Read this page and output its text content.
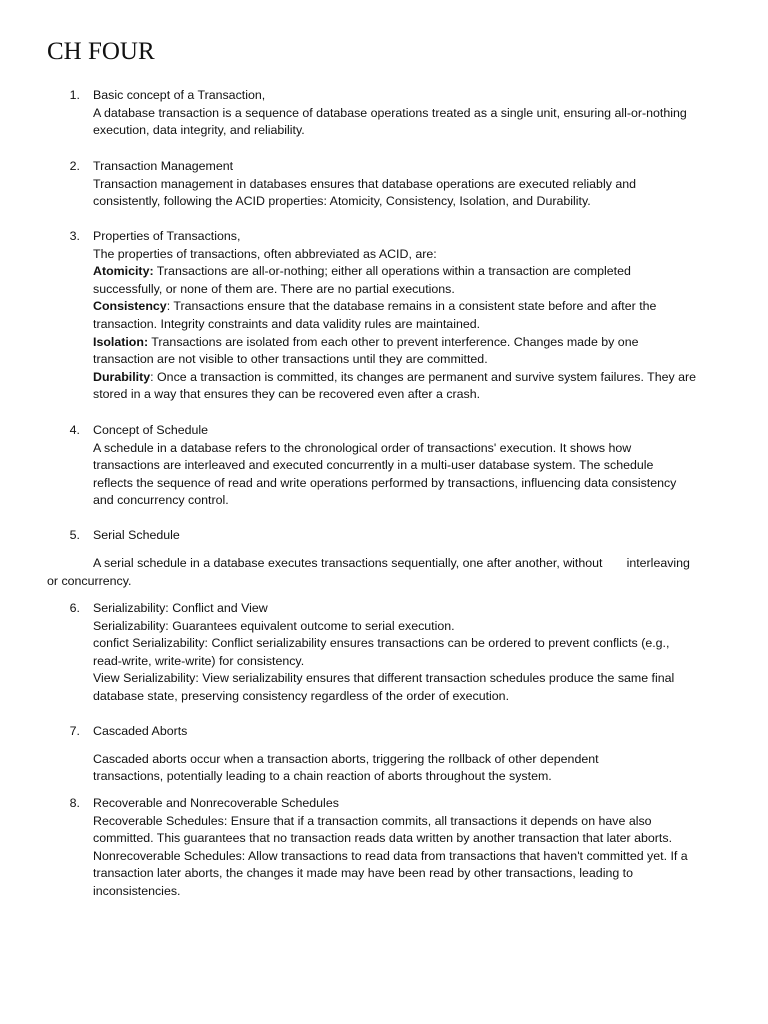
CH FOUR
1. Basic concept of a Transaction,
A database transaction is a sequence of database operations treated as a single unit, ensuring all-or-nothing
execution, data integrity, and reliability.
2. Transaction Management
Transaction management in databases ensures that database operations are executed reliably and
consistently, following the ACID properties: Atomicity, Consistency, Isolation, and Durability.
3. Properties of Transactions,
The properties of transactions, often abbreviated as ACID, are:
Atomicity: Transactions are all-or-nothing; either all operations within a transaction are completed
successfully, or none of them are. There are no partial executions.
Consistency: Transactions ensure that the database remains in a consistent state before and after the
transaction. Integrity constraints and data validity rules are maintained.
Isolation: Transactions are isolated from each other to prevent interference. Changes made by one
transaction are not visible to other transactions until they are committed.
Durability: Once a transaction is committed, its changes are permanent and survive system failures. They are
stored in a way that ensures they can be recovered even after a crash.
4. Concept of Schedule
A schedule in a database refers to the chronological order of transactions' execution. It shows how
transactions are interleaved and executed concurrently in a multi-user database system. The schedule
reflects the sequence of read and write operations performed by transactions, influencing data consistency
and concurrency control.
5. Serial Schedule
A serial schedule in a database executes transactions sequentially, one after another, without       interleaving
or concurrency.
6. Serializability: Conflict and View
Serializability: Guarantees equivalent outcome to serial execution.
confict Serializability: Conflict serializability ensures transactions can be ordered to prevent conflicts (e.g.,
read-write, write-write) for consistency.
View Serializability: View serializability ensures that different transaction schedules produce the same final
database state, preserving consistency regardless of the order of execution.
7. Cascaded Aborts
Cascaded aborts occur when a transaction aborts, triggering the rollback of other dependent
transactions, potentially leading to a chain reaction of aborts throughout the system.
8. Recoverable and Nonrecoverable Schedules
Recoverable Schedules: Ensure that if a transaction commits, all transactions it depends on have also
committed. This guarantees that no transaction reads data written by another transaction that later aborts.
Nonrecoverable Schedules: Allow transactions to read data from transactions that haven't committed yet. If a
transaction later aborts, the changes it made may have been read by other transactions, leading to
inconsistencies.
